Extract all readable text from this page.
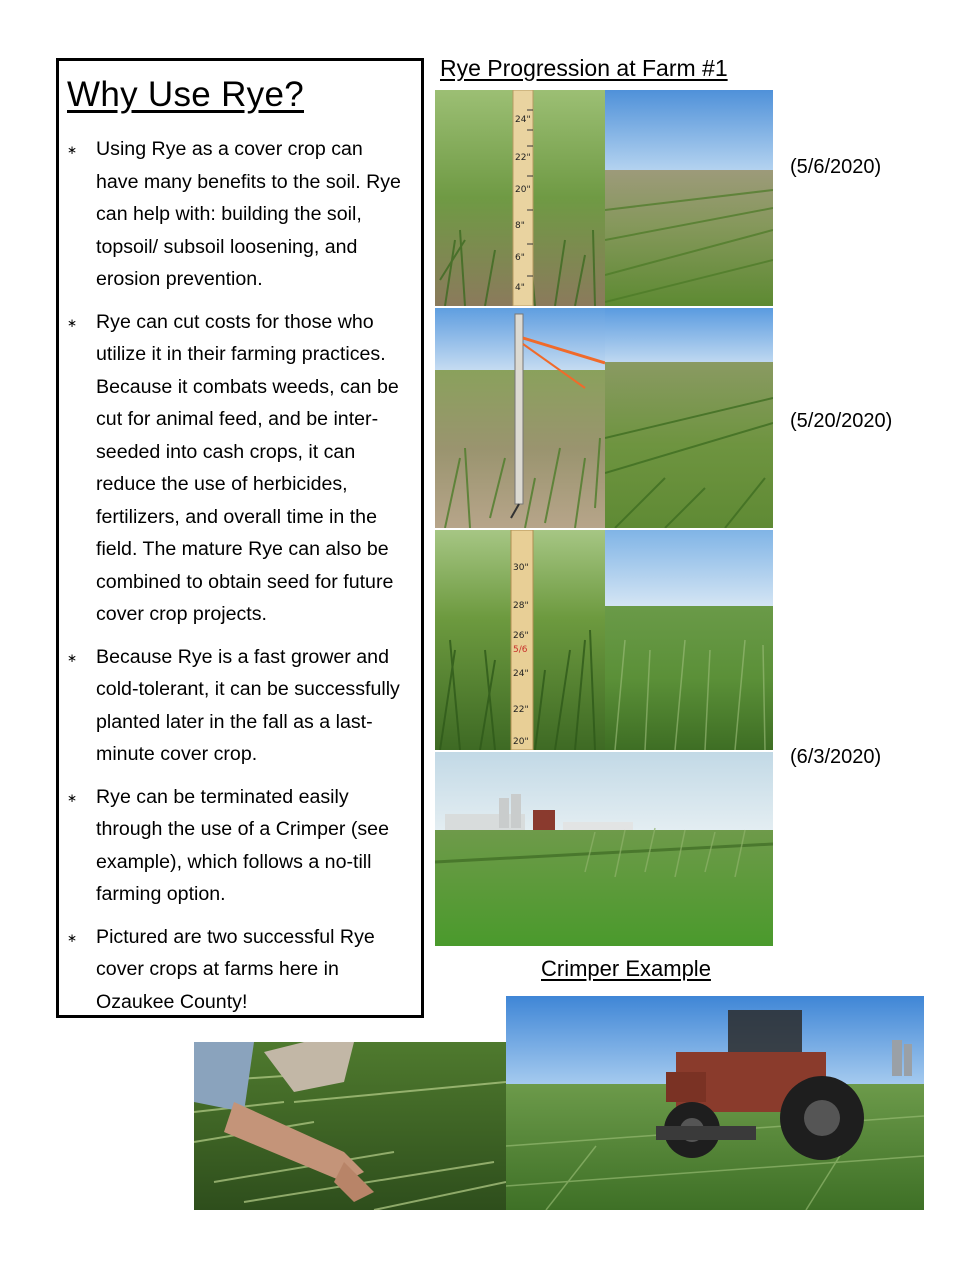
Why Use Rye?
∗ Using Rye as a cover crop can have many benefits to the soil. Rye can help with: building the soil, topsoil/ subsoil loosening, and erosion prevention.
∗ Rye can cut costs for those who utilize it in their farming practices. Because it combats weeds, can be cut for animal feed, and be inter-seeded into cash crops, it can reduce the use of herbicides, fertilizers, and overall time in the field. The mature Rye can also be combined to obtain seed for future cover crop projects.
∗ Because Rye is a fast grower and cold-tolerant, it can be successfully planted later in the fall as a last-minute cover crop.
∗ Rye can be terminated easily through the use of a Crimper (see example), which follows a no-till farming option.
∗ Pictured are two successful Rye cover crops at farms here in Ozaukee County!
Rye Progression at Farm #1
24"
22"
20"
8"
6"
4"
30"
28"
26"
5/6
24"
22"
20"
(5/6/2020)
(5/20/2020)
(6/3/2020)
Crimper Example
